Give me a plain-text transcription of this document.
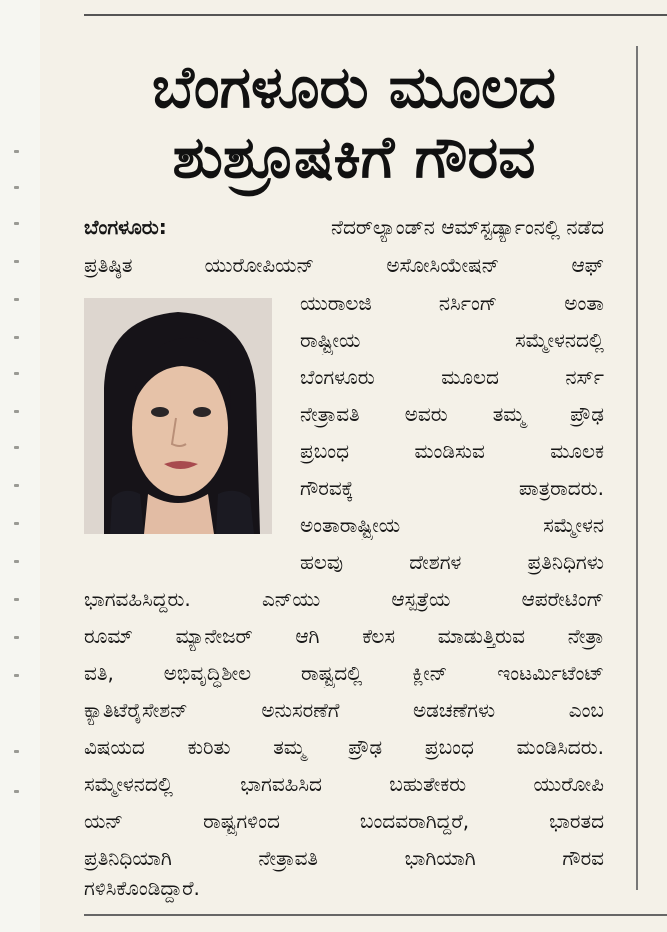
ಬೆಂಗಳೂರು ಮೂಲದ
ಶುಶ್ರೂಷಕಿಗೆ ಗೌರವ
ಬೆಂಗಳೂರು:	ನೆದರ್‌ಲ್ಯಾಂಡ್‌ನ ಆಮ್‌ಸ್ಟರ್ಡ್ಯಾಂನಲ್ಲಿ ನಡೆದ
ಪ್ರತಿಷ್ಠಿತ	ಯುರೋಪಿಯನ್	ಅಸೋಸಿಯೇಷನ್	ಆಫ್
ಯುರಾಲಜಿ	ನರ್ಸಿಂಗ್	ಅಂತಾ
ರಾಷ್ಟ್ರೀಯ	ಸಮ್ಮೇಳನದಲ್ಲಿ
ಬೆಂಗಳೂರು	ಮೂಲದ	ನರ್ಸ್
ನೇತ್ರಾವತಿ ಅವರು ತಮ್ಮ ಪ್ರೌಢ
ಪ್ರಬಂಧ	ಮಂಡಿಸುವ	ಮೂಲಕ
ಗೌರವಕ್ಕೆ	ಪಾತ್ರರಾದರು.
ಅಂತಾರಾಷ್ಟ್ರೀಯ	ಸಮ್ಮೇಳನ
ಹಲವು	ದೇಶಗಳ	ಪ್ರತಿನಿಧಿಗಳು
ಭಾಗವಹಿಸಿದ್ದರು.	ಎನ್‌ಯು	ಆಸ್ಪತ್ರೆಯ	ಆಪರೇಟಿಂಗ್
ರೂಮ್ ಮ್ಯಾನೇಜರ್ ಆಗಿ ಕೆಲಸ ಮಾಡುತ್ತಿರುವ ನೇತ್ರಾ
ವತಿ, ಅಭಿವೃದ್ಧಿಶೀಲ ರಾಷ್ಟ್ರದಲ್ಲಿ ಕ್ಲೀನ್ ಇಂಟರ್ಮಿಟೆಂಟ್
ಕ್ಯಾತಿಟೆರೈಸೇಶನ್	ಅನುಸರಣೆಗೆ	ಅಡಚಣೆಗಳು	ಎಂಬ
ವಿಷಯದ ಕುರಿತು ತಮ್ಮ ಪ್ರೌಢ ಪ್ರಬಂಧ ಮಂಡಿಸಿದರು.
ಸಮ್ಮೇಳನದಲ್ಲಿ	ಭಾಗವಹಿಸಿದ	ಬಹುತೇಕರು	ಯುರೋಪಿ
ಯನ್	ರಾಷ್ಟ್ರಗಳಿಂದ	ಬಂದವರಾಗಿದ್ದರೆ,	ಭಾರತದ
ಪ್ರತಿನಿಧಿಯಾಗಿ	ನೇತ್ರಾವತಿ	ಭಾಗಿಯಾಗಿ	ಗೌರವ
ಗಳಿಸಿಕೊಂಡಿದ್ದಾರೆ.
